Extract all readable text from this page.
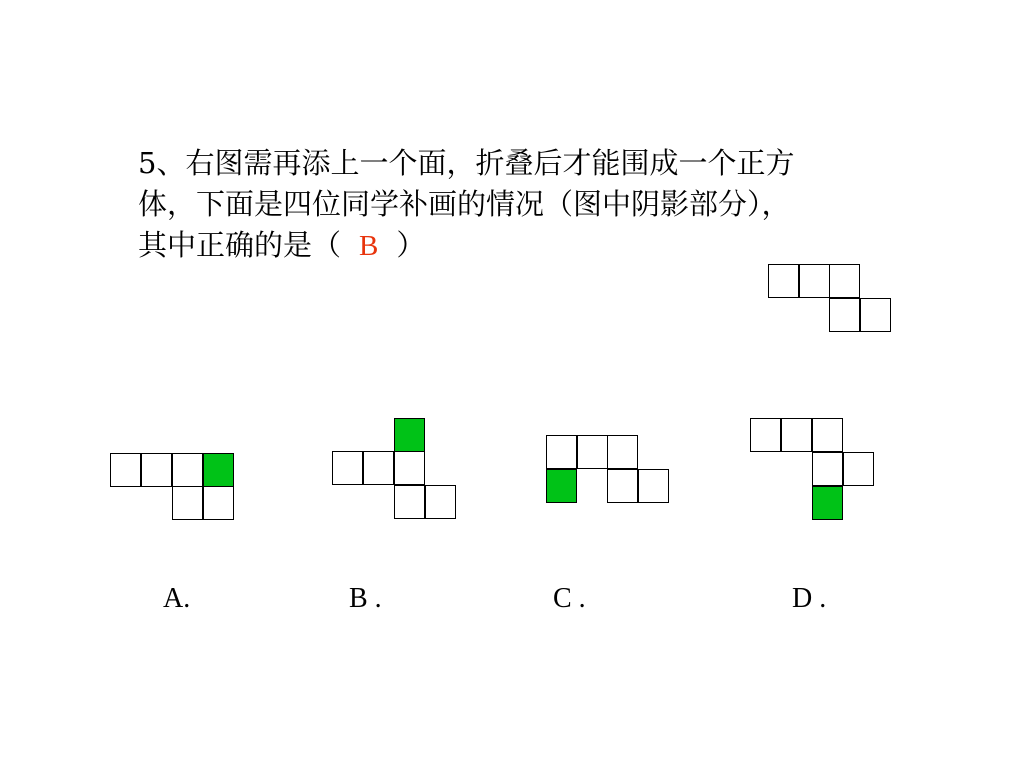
5、右图需再添上一个面，折叠后才能围成一个正方
体，下面是四位同学补画的情况（图中阴影部分），
其中正确的是（ B ）

A.	B .	C .	D .
